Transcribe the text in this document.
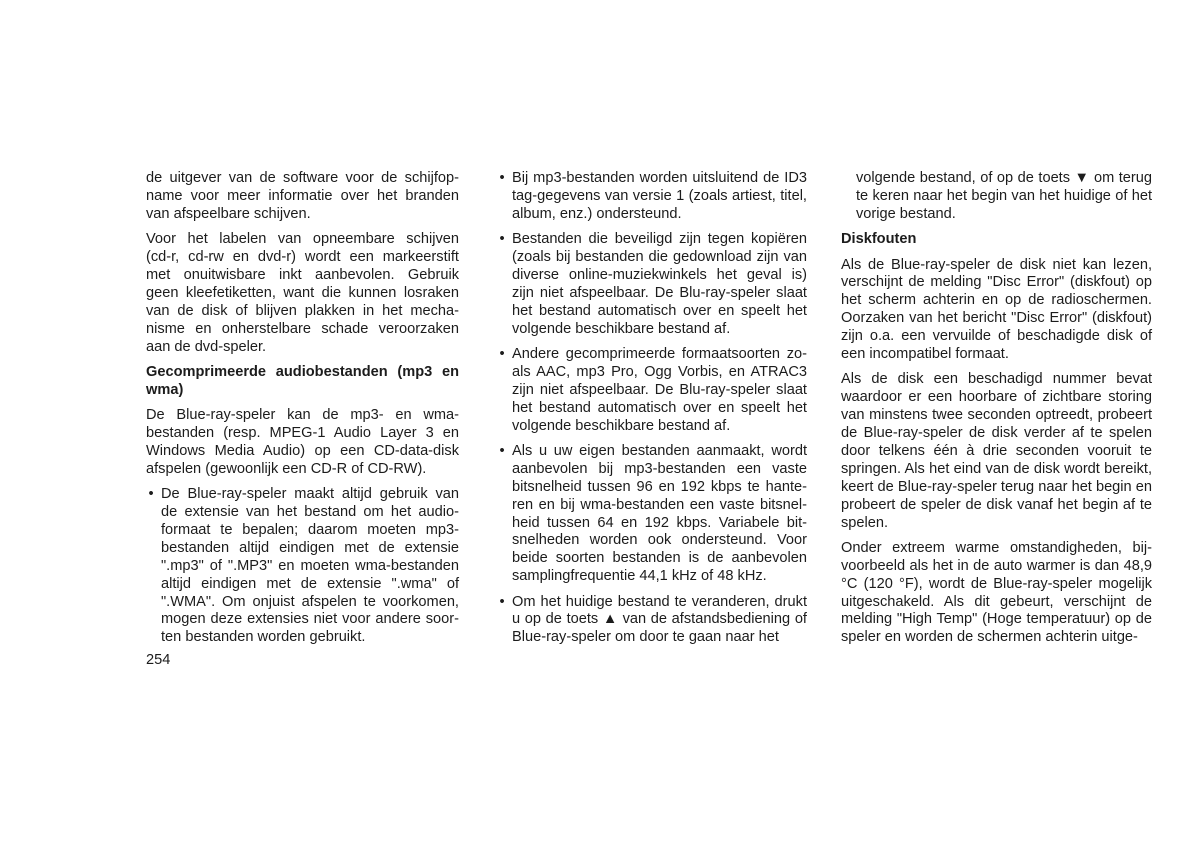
de uitgever van de software voor de schijfop-
name voor meer informatie over het branden
van afspeelbare schijven.
Voor het labelen van opneembare schijven
(cd-r, cd-rw en dvd-r) wordt een markeerstift
met onuitwisbare inkt aanbevolen. Gebruik
geen kleefetiketten, want die kunnen losraken
van de disk of blijven plakken in het mecha-
nisme en onherstelbare schade veroorzaken
aan de dvd-speler.
Gecomprimeerde audiobestanden (mp3 en
wma)
De Blue-ray-speler kan de mp3- en wma-
bestanden (resp. MPEG-1 Audio Layer 3 en
Windows Media Audio) op een CD-data-disk
afspelen (gewoonlijk een CD-R of CD-RW).
• De Blue-ray-speler maakt altijd gebruik van
de extensie van het bestand om het audio-
formaat te bepalen; daarom moeten mp3-
bestanden altijd eindigen met de extensie
".mp3" of ".MP3" en moeten wma-bestanden
altijd eindigen met de extensie ".wma" of
".WMA". Om onjuist afspelen te voorkomen,
mogen deze extensies niet voor andere soor-
ten bestanden worden gebruikt.
• Bij mp3-bestanden worden uitsluitend de ID3
tag-gegevens van versie 1 (zoals artiest, titel,
album, enz.) ondersteund.
• Bestanden die beveiligd zijn tegen kopiëren
(zoals bij bestanden die gedownload zijn van
diverse online-muziekwinkels het geval is)
zijn niet afspeelbaar. De Blu-ray-speler slaat
het bestand automatisch over en speelt het
volgende beschikbare bestand af.
• Andere gecomprimeerde formaatsoorten zo-
als AAC, mp3 Pro, Ogg Vorbis, en ATRAC3
zijn niet afspeelbaar. De Blu-ray-speler slaat
het bestand automatisch over en speelt het
volgende beschikbare bestand af.
• Als u uw eigen bestanden aanmaakt, wordt
aanbevolen bij mp3-bestanden een vaste
bitsnelheid tussen 96 en 192 kbps te hante-
ren en bij wma-bestanden een vaste bitsnel-
heid tussen 64 en 192 kbps. Variabele bit-
snelheden worden ook ondersteund. Voor
beide soorten bestanden is de aanbevolen
samplingfrequentie 44,1 kHz of 48 kHz.
• Om het huidige bestand te veranderen, drukt
u op de toets ▲ van de afstandsbediening of
Blue-ray-speler om door te gaan naar het
volgende bestand, of op de toets ▼ om terug
te keren naar het begin van het huidige of het
vorige bestand.
Diskfouten
Als de Blue-ray-speler de disk niet kan lezen,
verschijnt de melding "Disc Error" (diskfout) op
het scherm achterin en op de radioschermen.
Oorzaken van het bericht "Disc Error" (diskfout)
zijn o.a. een vervuilde of beschadigde disk of
een incompatibel formaat.
Als de disk een beschadigd nummer bevat
waardoor er een hoorbare of zichtbare storing
van minstens twee seconden optreedt, probeert
de Blue-ray-speler de disk verder af te spelen
door telkens één à drie seconden vooruit te
springen. Als het eind van de disk wordt bereikt,
keert de Blue-ray-speler terug naar het begin en
probeert de speler de disk vanaf het begin af te
spelen.
Onder extreem warme omstandigheden, bij-
voorbeeld als het in de auto warmer is dan 48,9
°C (120 °F), wordt de Blue-ray-speler mogelijk
uitgeschakeld. Als dit gebeurt, verschijnt de
melding "High Temp" (Hoge temperatuur) op de
speler en worden de schermen achterin uitge-
254
